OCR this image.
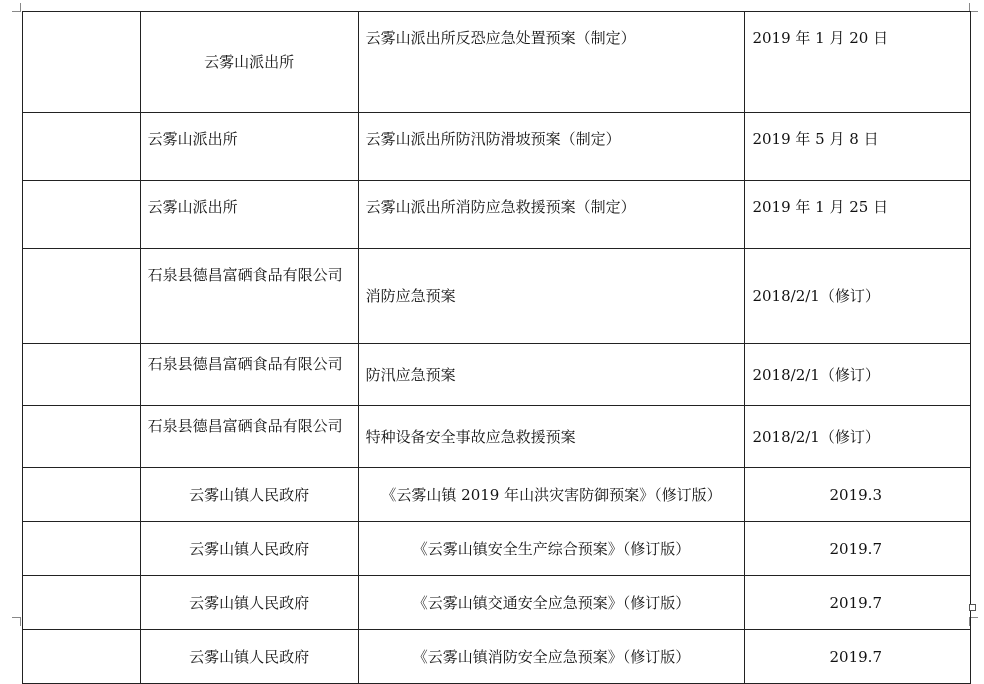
	云雾山派出所	云雾山派出所反恐应急处置预案（制定）	2019 年 1 月 20 日
	云雾山派出所	云雾山派出所防汛防滑坡预案（制定）	2019 年 5 月 8 日
	云雾山派出所	云雾山派出所消防应急救援预案（制定）	2019 年 1 月 25 日

	石泉县德昌富硒食品有限公司	消防应急预案	2018/2/1（修订）

	石泉县德昌富硒食品有限公司	防汛应急预案	2018/2/1（修订）

	石泉县德昌富硒食品有限公司	特种设备安全事故应急救援预案	2018/2/1（修订）
	云雾山镇人民政府	《云雾山镇 2019 年山洪灾害防御预案》（修订版）	2019.3
	云雾山镇人民政府	《云雾山镇安全生产综合预案》（修订版）	2019.7
	云雾山镇人民政府	《云雾山镇交通安全应急预案》（修订版）	2019.7
	云雾山镇人民政府	《云雾山镇消防安全应急预案》（修订版）	2019.7
